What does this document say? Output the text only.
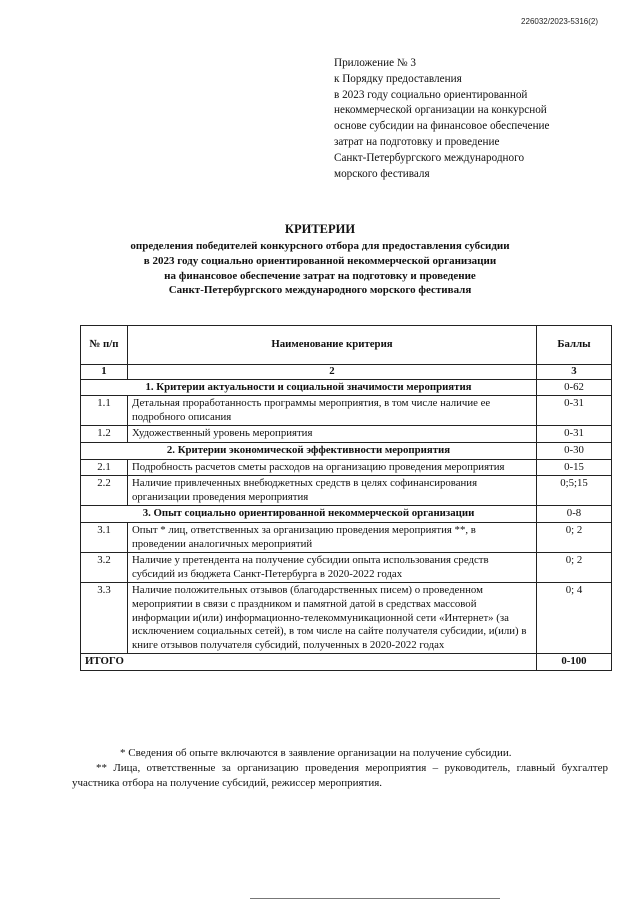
226032/2023-5316(2)
Приложение № 3
к Порядку предоставления
в 2023 году социально ориентированной
некоммерческой организации на конкурсной
основе субсидии на финансовое обеспечение
затрат на подготовку и проведение
Санкт-Петербургского международного
морского фестиваля
КРИТЕРИИ
определения победителей конкурсного отбора для предоставления субсидии
в 2023 году социально ориентированной некоммерческой организации
на финансовое обеспечение затрат на подготовку и проведение
Санкт-Петербургского международного морского фестиваля
№ п/п	Наименование критерия	Баллы
1	2	3
1. Критерии актуальности и социальной значимости мероприятия		0-62
1.1	Детальная проработанность программы мероприятия, в том числе наличие ее подробного описания	0-31
1.2	Художественный уровень мероприятия	0-31
2. Критерии экономической эффективности мероприятия		0-30
2.1	Подробность расчетов сметы расходов на организацию проведения мероприятия	0-15
2.2	Наличие привлеченных внебюджетных средств в целях софинансирования организации проведения мероприятия	0;5;15
3. Опыт социально ориентированной некоммерческой организации		0-8
3.1	Опыт * лиц, ответственных за организацию проведения мероприятия **, в проведении аналогичных мероприятий	0; 2
3.2	Наличие у претендента на получение субсидии опыта использования средств субсидий из бюджета Санкт-Петербурга в 2020-2022 годах	0; 2
3.3	Наличие положительных отзывов (благодарственных писем) о проведенном мероприятии в связи с праздником и памятной датой в средствах массовой информации и(или) информационно-телекоммуникационной сети «Интернет» (за исключением социальных сетей), в том числе на сайте получателя субсидии, и(или) в книге отзывов получателя субсидий, полученных в 2020-2022 годах	0; 4
ИТОГО		0-100

* Сведения об опыте включаются в заявление организации на получение субсидии.

** Лица, ответственные за организацию проведения мероприятия – руководитель, главный бухгалтер участника отбора на получение субсидий, режиссер мероприятия.
